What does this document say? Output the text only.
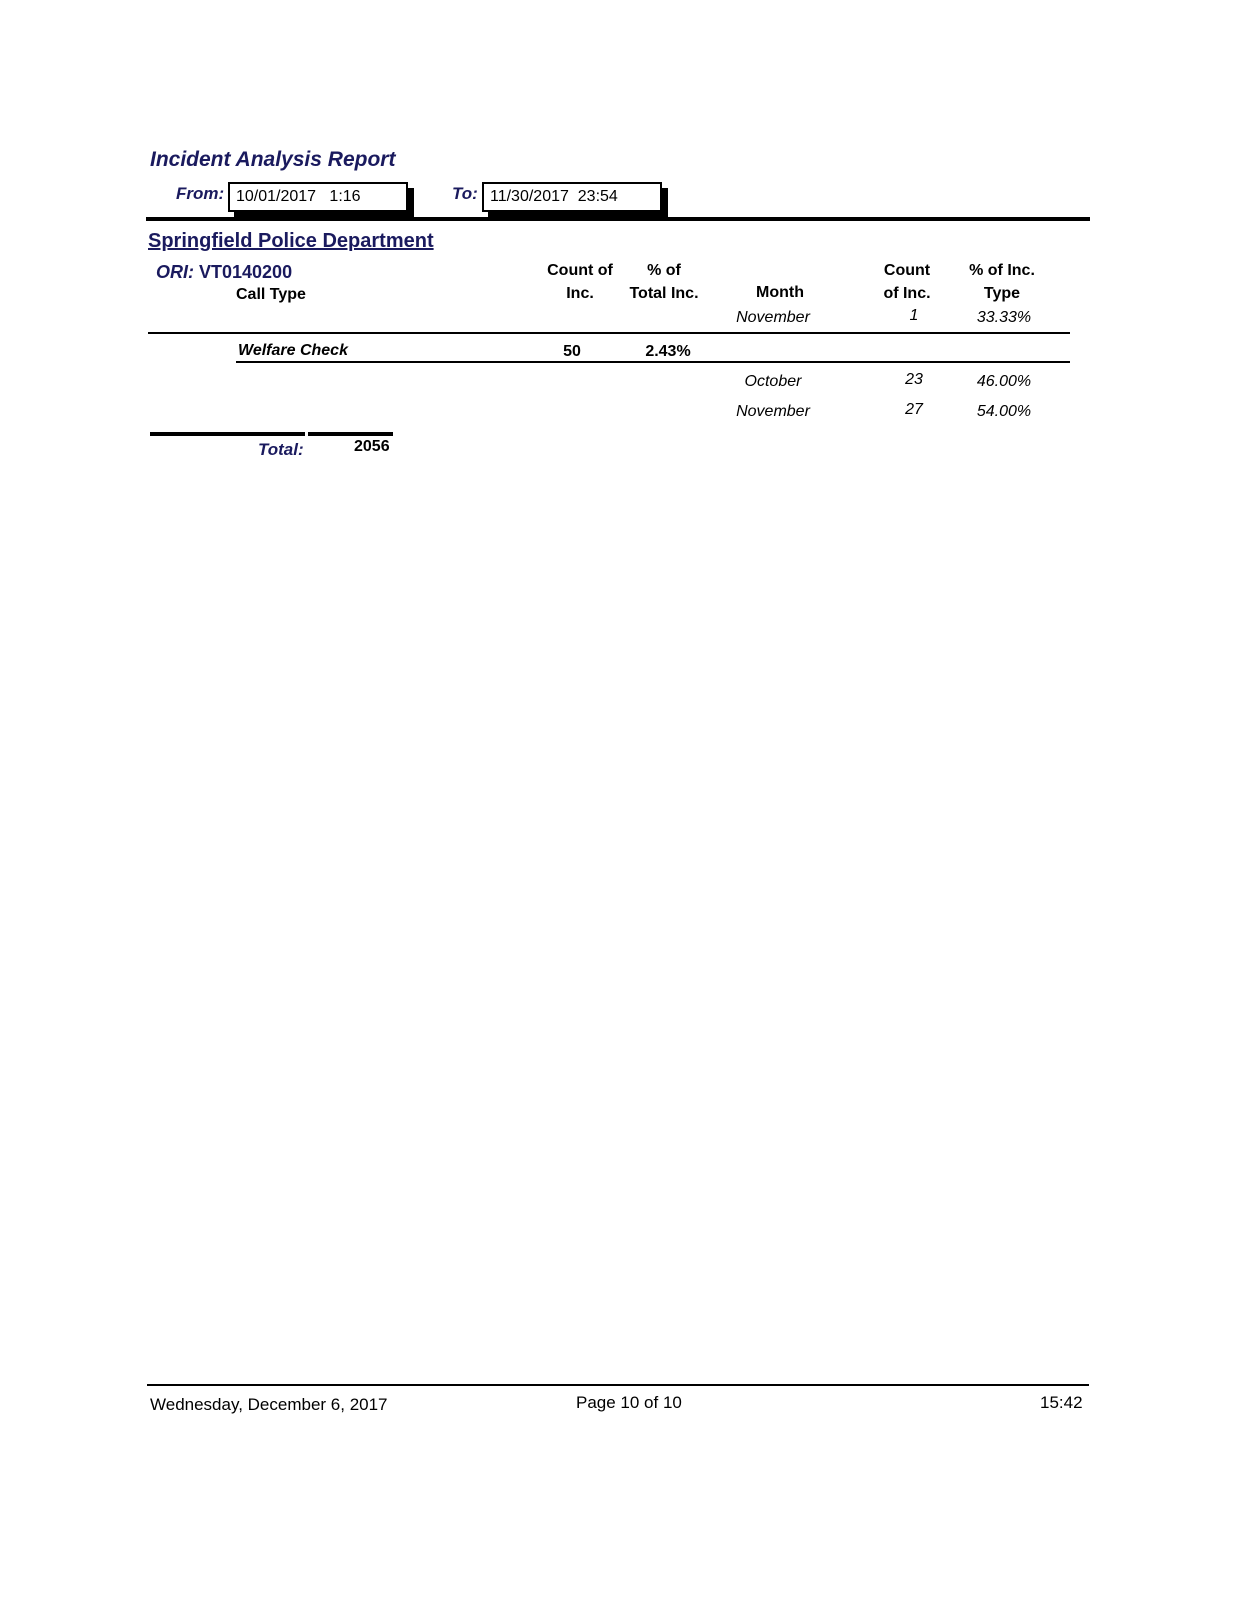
Incident Analysis Report
From: 10/01/2017   1:16	To: 11/30/2017  23:54
Springfield Police Department
ORI: VT0140200
Call Type
Count of
Inc.
% of
Total Inc.	Month
Count
of Inc.
% of Inc.
Type
November	1	33.33%
Welfare Check	50	2.43%
October	23	46.00%
November	27	54.00%
Total:	2056
Wednesday, December 6, 2017	Page 10 of 10	15:42
